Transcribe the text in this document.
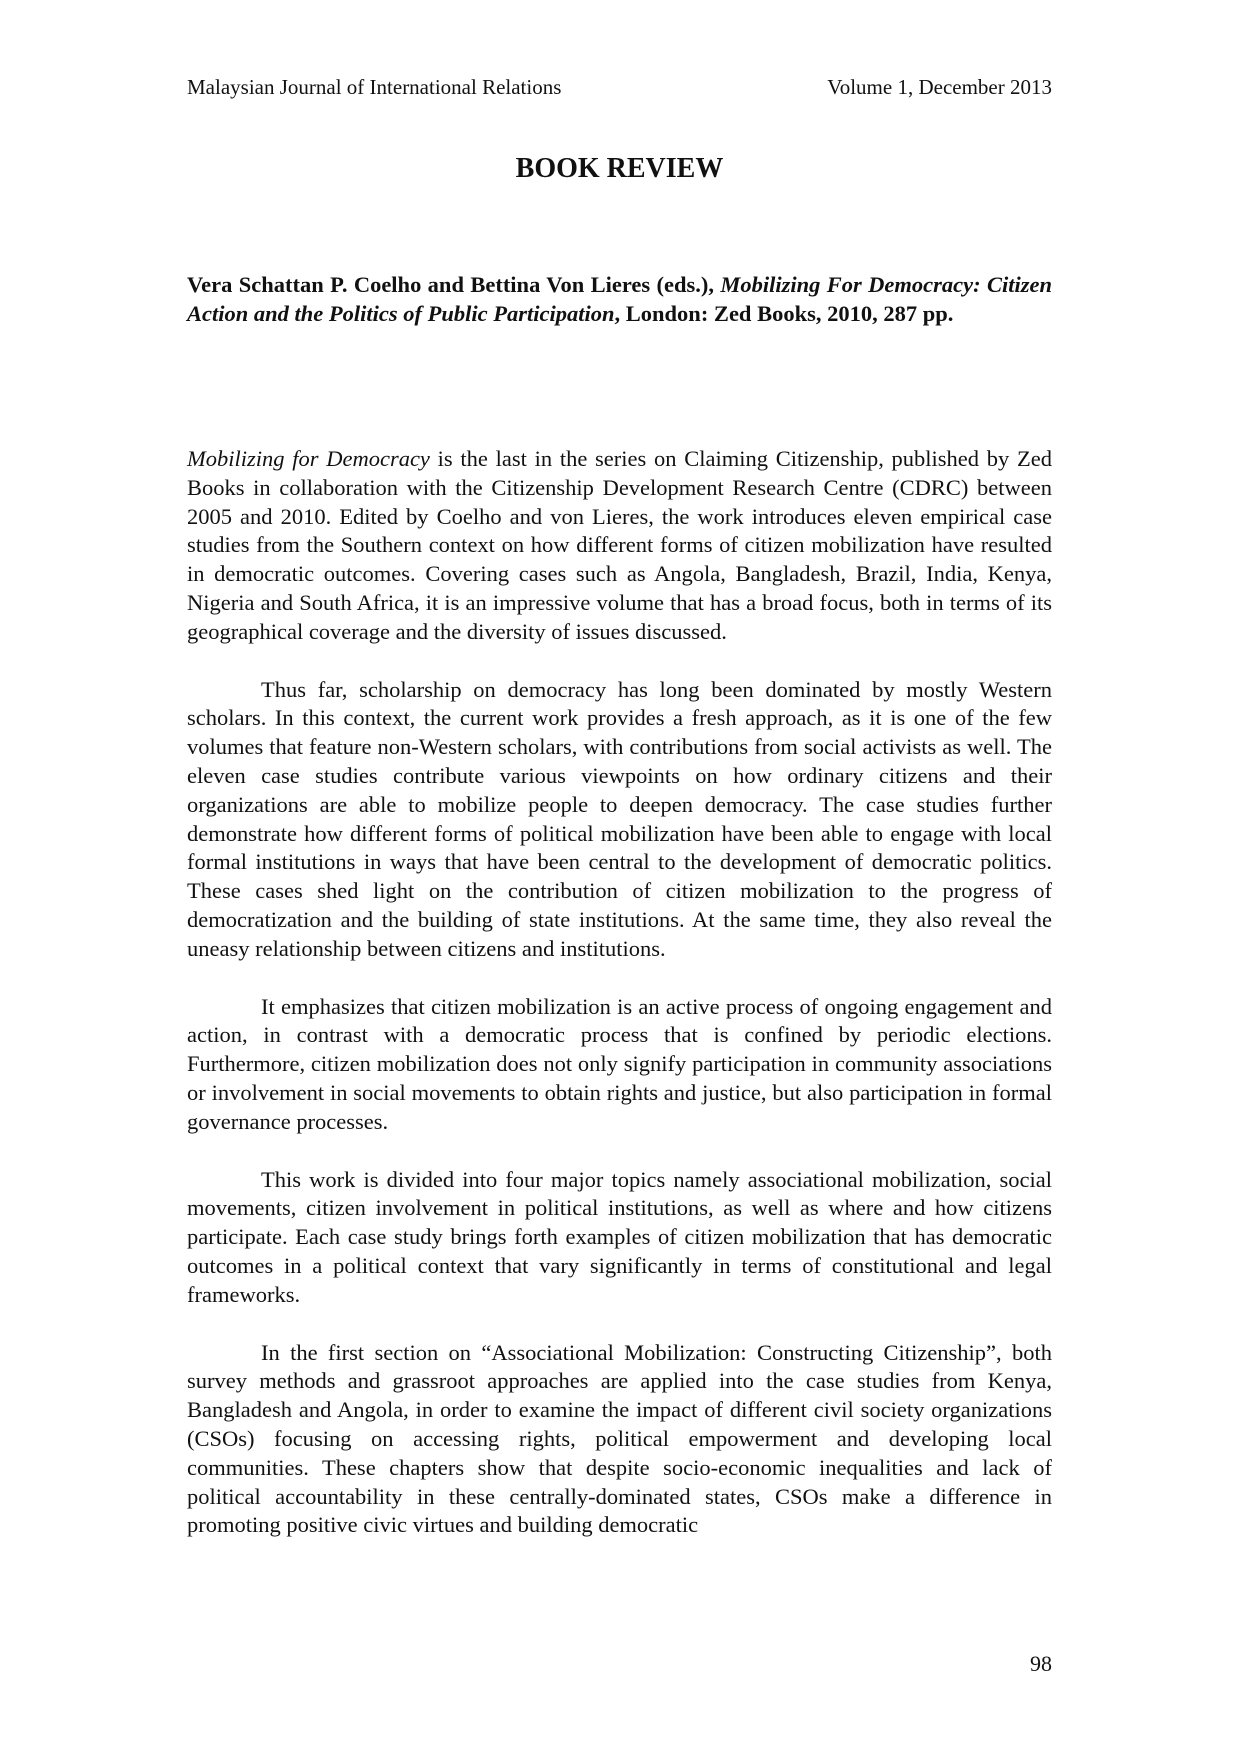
Malaysian Journal of International Relations	Volume 1, December 2013
BOOK REVIEW
Vera Schattan P. Coelho and Bettina Von Lieres (eds.), Mobilizing For Democracy: Citizen Action and the Politics of Public Participation, London: Zed Books, 2010, 287 pp.

Mobilizing for Democracy is the last in the series on Claiming Citizenship, published by Zed Books in collaboration with the Citizenship Development Research Centre (CDRC) between 2005 and 2010. Edited by Coelho and von Lieres, the work introduces eleven empirical case studies from the Southern context on how different forms of citizen mobilization have resulted in democratic outcomes. Covering cases such as Angola, Bangladesh, Brazil, India, Kenya, Nigeria and South Africa, it is an impressive volume that has a broad focus, both in terms of its geographical coverage and the diversity of issues discussed.

Thus far, scholarship on democracy has long been dominated by mostly Western scholars. In this context, the current work provides a fresh approach, as it is one of the few volumes that feature non-Western scholars, with contributions from social activists as well. The eleven case studies contribute various viewpoints on how ordinary citizens and their organizations are able to mobilize people to deepen democracy. The case studies further demonstrate how different forms of political mobilization have been able to engage with local formal institutions in ways that have been central to the development of democratic politics. These cases shed light on the contribution of citizen mobilization to the progress of democratization and the building of state institutions. At the same time, they also reveal the uneasy relationship between citizens and institutions.

It emphasizes that citizen mobilization is an active process of ongoing engagement and action, in contrast with a democratic process that is confined by periodic elections. Furthermore, citizen mobilization does not only signify participation in community associations or involvement in social movements to obtain rights and justice, but also participation in formal governance processes.

This work is divided into four major topics namely associational mobilization, social movements, citizen involvement in political institutions, as well as where and how citizens participate. Each case study brings forth examples of citizen mobilization that has democratic outcomes in a political context that vary significantly in terms of constitutional and legal frameworks.

In the first section on “Associational Mobilization: Constructing Citizenship”, both survey methods and grassroot approaches are applied into the case studies from Kenya, Bangladesh and Angola, in order to examine the impact of different civil society organizations (CSOs) focusing on accessing rights, political empowerment and developing local communities. These chapters show that despite socio-economic inequalities and lack of political accountability in these centrally-dominated states, CSOs make a difference in promoting positive civic virtues and building democratic

98
